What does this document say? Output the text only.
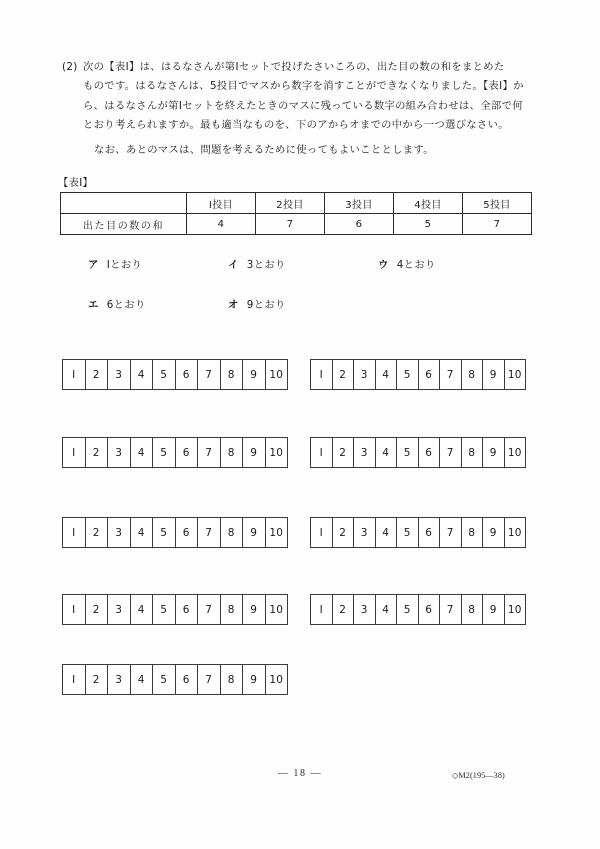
(2) 次の【表Ⅰ】は、はるなさんが第Ⅰセットで投げたさいころの、出た目の数の和をまとめた
ものです。はるなさんは、5投目でマスから数字を消すことができなくなりました。【表Ⅰ】か
ら、はるなさんが第Ⅰセットを終えたときのマスに残っている数字の組み合わせは、全部で何
とおり考えられますか。最も適当なものを、下のアからオまでの中から一つ選びなさい。
なお、あとのマスは、問題を考えるために使ってもよいこととします。
【表Ⅰ】
	Ⅰ投目	2投目	3投目	4投目	5投目
出た目の数の和	4	7	6	5	7
ア Ⅰとおり	イ 3とおり	ウ 4とおり
エ 6とおり	オ 9とおり
Ⅰ	2	3	4	5	6	7	8	9	10	Ⅰ	2	3	4	5	6	7	8	9	10
Ⅰ	2	3	4	5	6	7	8	9	10	Ⅰ	2	3	4	5	6	7	8	9	10
Ⅰ	2	3	4	5	6	7	8	9	10	Ⅰ	2	3	4	5	6	7	8	9	10
Ⅰ	2	3	4	5	6	7	8	9	10	Ⅰ	2	3	4	5	6	7	8	9	10
Ⅰ	2	3	4	5	6	7	8	9	10
— 18 —	◇M2(195—38)
